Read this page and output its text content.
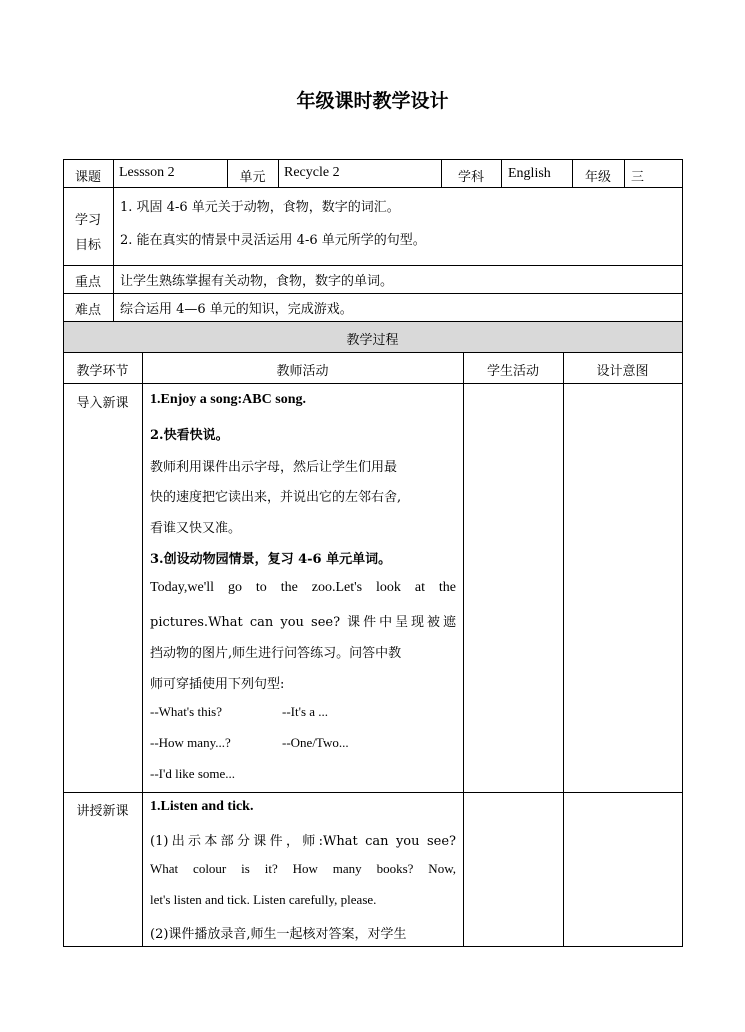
年级课时教学设计
课题	Lessson 2	单元	Recycle 2	学科	English	年级	三
学习
目标
1. 巩固 4-6 单元关于动物，食物，数字的词汇。
2. 能在真实的情景中灵活运用 4-6 单元所学的句型。
重点	让学生熟练掌握有关动物，食物，数字的单词。
难点	综合运用 4—6 单元的知识，完成游戏。
教学过程
教学环节	教师活动	学生活动	设计意图
导入新课	1.Enjoy a song:ABC song.
2.快看快说。
教师利用课件出示字母，然后让学生们用最
快的速度把它读出来，并说出它的左邻右舍,
看谁又快又准。
3.创设动物园情景，复习 4-6 单元单词。
Today,we'll go to the zoo.Let's look at the
pictures.What can you see? 课件中呈现被遮
挡动物的图片,师生进行问答练习。问答中教
师可穿插使用下列句型:
--What's this?	--It's a ...
--How many...?	--One/Two...
--I'd like some...
讲授新课	1.Listen and tick.
(1)出示本部分课件，师:What can you see?
What colour is it? How many books? Now,
let's listen and tick. Listen carefully, please.
(2)课件播放录音,师生一起核对答案，对学生
